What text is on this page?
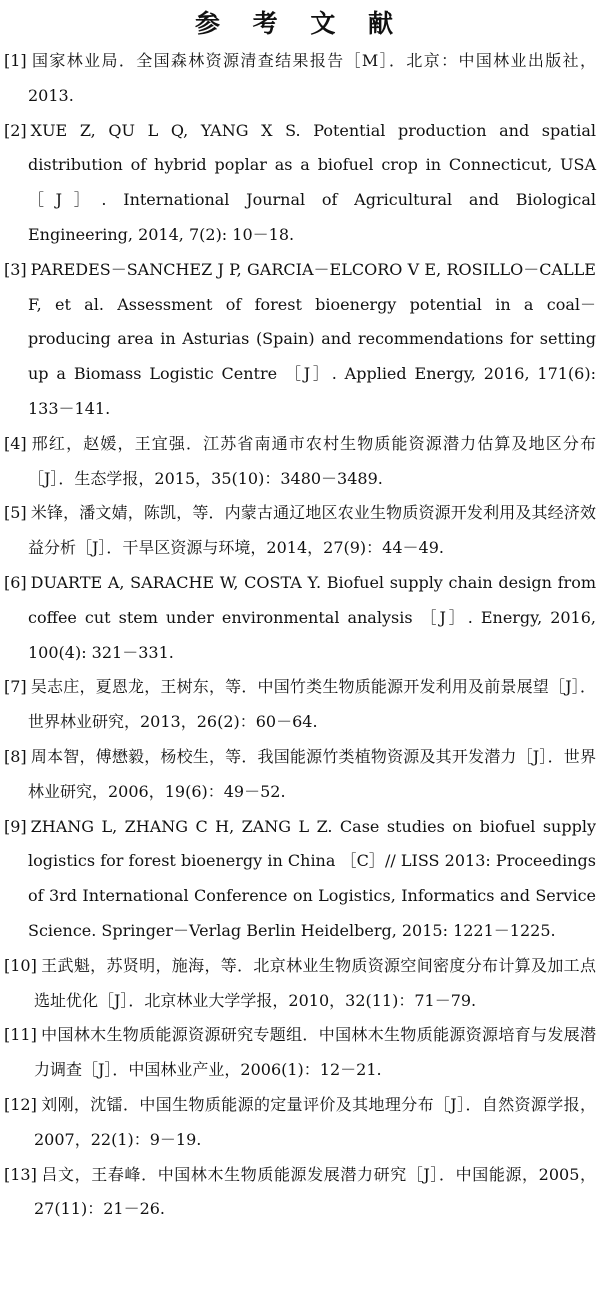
参 考 文 献
[1] 国家林业局．全国森林资源清查结果报告［M］．北京：中国林业出版社，2013.
[2] XUE Z, QU L Q, YANG X S. Potential production and spatial distribution of hybrid poplar as a biofuel crop in Connecticut, USA ［J］. International Journal of Agricultural and Biological Engineering, 2014, 7(2): 10－18.
[3] PAREDES－SANCHEZ J P, GARCIA－ELCORO V E, ROSILLO－CALLE F, et al. Assessment of forest bioenergy potential in a coal－producing area in Asturias (Spain) and recommendations for setting up a Biomass Logistic Centre ［J］. Applied Energy, 2016, 171(6): 133－141.
[4] 邢红，赵媛，王宜强．江苏省南通市农村生物质能资源潜力估算及地区分布［J］．生态学报，2015，35(10)：3480－3489.
[5] 米锋，潘文婧，陈凯，等．内蒙古通辽地区农业生物质资源开发利用及其经济效益分析［J］．干旱区资源与环境，2014，27(9)：44－49.
[6] DUARTE A, SARACHE W, COSTA Y. Biofuel supply chain design from coffee cut stem under environmental analysis ［J］. Energy, 2016, 100(4): 321－331.
[7] 吴志庄，夏恩龙，王树东，等．中国竹类生物质能源开发利用及前景展望［J］．世界林业研究，2013，26(2)：60－64.
[8] 周本智，傅懋毅，杨校生，等．我国能源竹类植物资源及其开发潜力［J］．世界林业研究，2006，19(6)：49－52.
[9] ZHANG L, ZHANG C H, ZANG L Z. Case studies on biofuel supply logistics for forest bioenergy in China ［C］// LISS 2013: Proceedings of 3rd International Conference on Logistics, Informatics and Service Science. Springer－Verlag Berlin Heidelberg, 2015: 1221－1225.
[10] 王武魁，苏贤明，施海，等．北京林业生物质资源空间密度分布计算及加工点选址优化［J］．北京林业大学学报，2010，32(11)：71－79.
[11] 中国林木生物质能源资源研究专题组．中国林木生物质能源资源培育与发展潜力调查［J］．中国林业产业，2006(1)：12－21.
[12] 刘刚，沈镭．中国生物质能源的定量评价及其地理分布［J］．自然资源学报，2007，22(1)：9－19.
[13] 吕文，王春峰．中国林木生物质能源发展潜力研究［J］．中国能源，2005，27(11)：21－26.
